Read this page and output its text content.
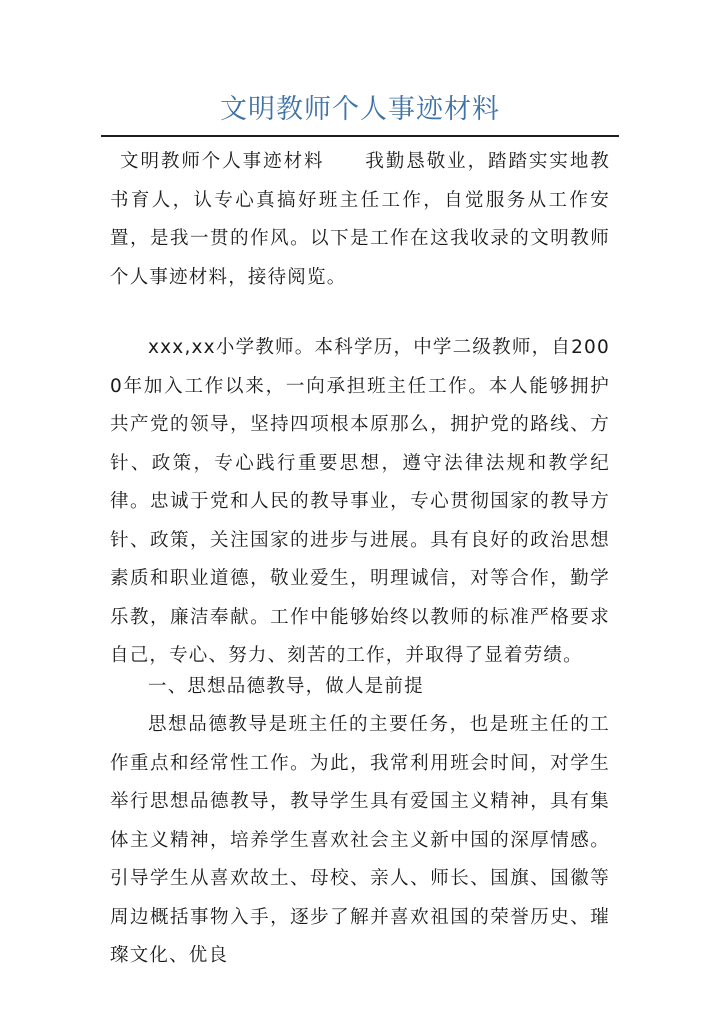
文明教师个人事迹材料

文明教师个人事迹材料　　我勤恳敬业，踏踏实实地教书育人，认专心真搞好班主任工作，自觉服务从工作安置，是我一贯的作风。以下是工作在这我收录的文明教师个人事迹材料，接待阅览。

xxx,xx小学教师。本科学历，中学二级教师，自2000年加入工作以来，一向承担班主任工作。本人能够拥护共产党的领导，坚持四项根本原那么，拥护党的路线、方针、政策，专心践行重要思想，遵守法律法规和教学纪律。忠诚于党和人民的教导事业，专心贯彻国家的教导方针、政策，关注国家的进步与进展。具有良好的政治思想素质和职业道德，敬业爱生，明理诚信，对等合作，勤学乐教，廉洁奉献。工作中能够始终以教师的标准严格要求自己，专心、努力、刻苦的工作，并取得了显着劳绩。

一、思想品德教导，做人是前提

思想品德教导是班主任的主要任务，也是班主任的工作重点和经常性工作。为此，我常利用班会时间，对学生举行思想品德教导，教导学生具有爱国主义精神，具有集体主义精神，培养学生喜欢社会主义新中国的深厚情感。引导学生从喜欢故土、母校、亲人、师长、国旗、国徽等周边概括事物入手，逐步了解并喜欢祖国的荣誉历史、璀璨文化、优良
